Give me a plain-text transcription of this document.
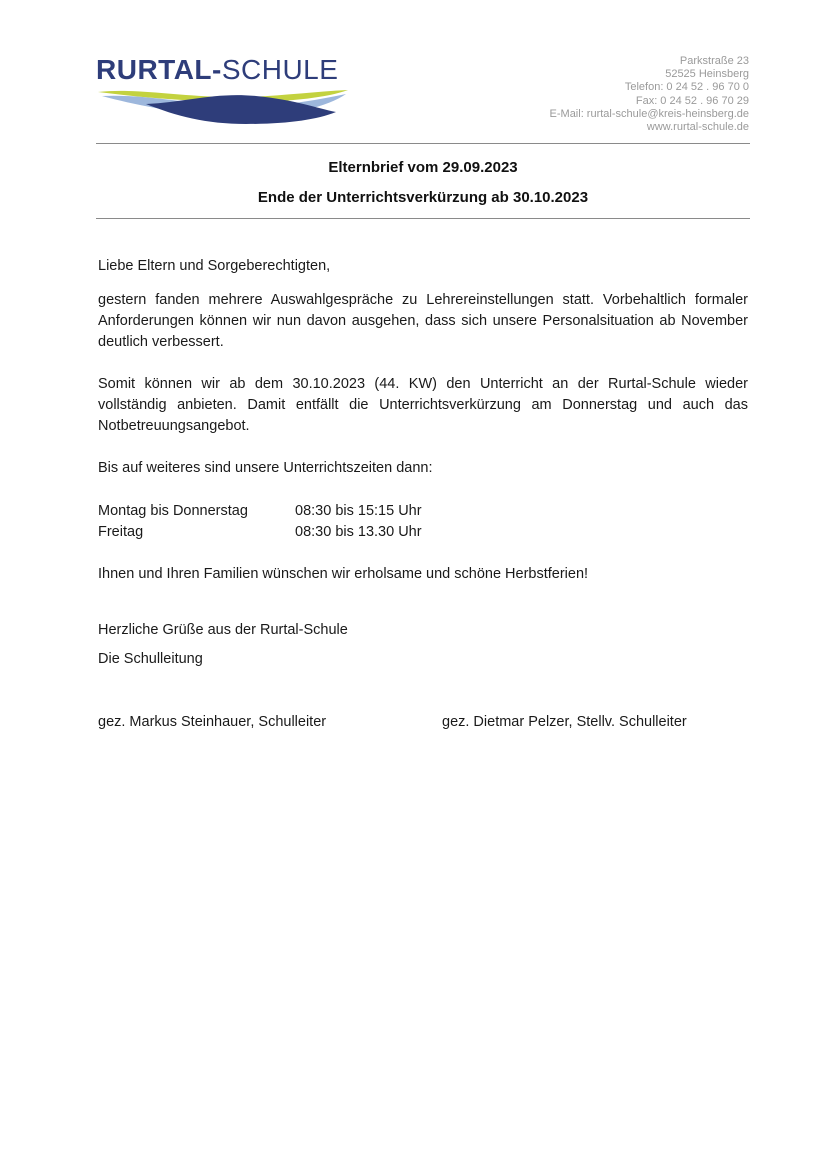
RURTAL-SCHULE	Parkstraße 23
52525 Heinsberg
Telefon: 0 24 52 . 96 70 0
Fax: 0 24 52 . 96 70 29
E-Mail: rurtal-schule@kreis-heinsberg.de
www.rurtal-schule.de
Elternbrief vom 29.09.2023
Ende der Unterrichtsverkürzung ab 30.10.2023
Liebe Eltern und Sorgeberechtigten,
gestern fanden mehrere Auswahlgespräche zu Lehrereinstellungen statt. Vorbehaltlich formaler Anforderungen können wir nun davon ausgehen, dass sich unsere Personalsituation ab November deutlich verbessert.
Somit können wir ab dem 30.10.2023 (44. KW) den Unterricht an der Rurtal-Schule wieder vollständig anbieten. Damit entfällt die Unterrichtsverkürzung am Donnerstag und auch das Notbetreuungsangebot.
Bis auf weiteres sind unsere Unterrichtszeiten dann:
Montag bis Donnerstag	08:30 bis 15:15 Uhr
Freitag	08:30 bis 13.30 Uhr
Ihnen und Ihren Familien wünschen wir erholsame und schöne Herbstferien!
Herzliche Grüße aus der Rurtal-Schule
Die Schulleitung
gez. Markus Steinhauer, Schulleiter	gez. Dietmar Pelzer, Stellv. Schulleiter
